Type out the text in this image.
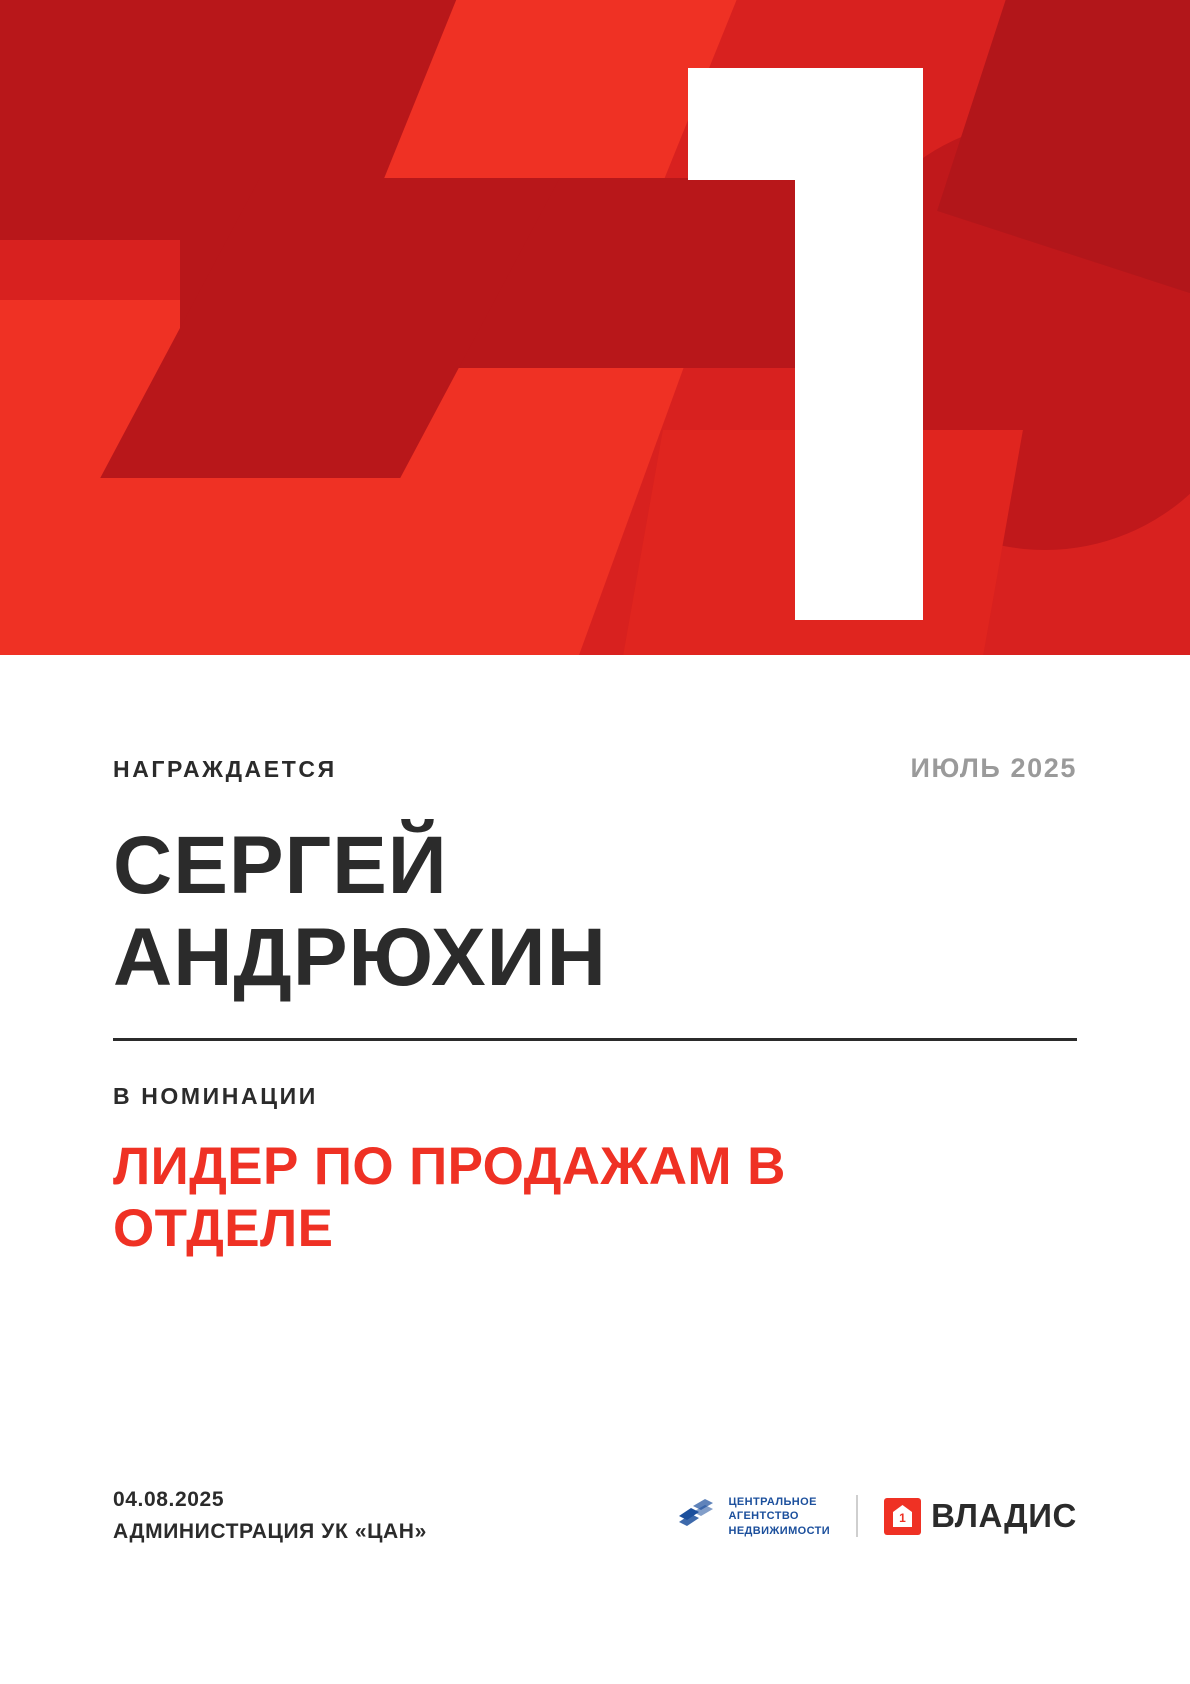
НАГРАЖДАЕТСЯ	ИЮЛЬ 2025
СЕРГЕЙ АНДРЮХИН
В НОМИНАЦИИ
ЛИДЕР ПО ПРОДАЖАМ В ОТДЕЛЕ
04.08.2025
АДМИНИСТРАЦИЯ УК «ЦАН»
ЦЕНТРАЛЬНОЕ
АГЕНТСТВО
НЕДВИЖИМОСТИ
1 ВЛАДИС
